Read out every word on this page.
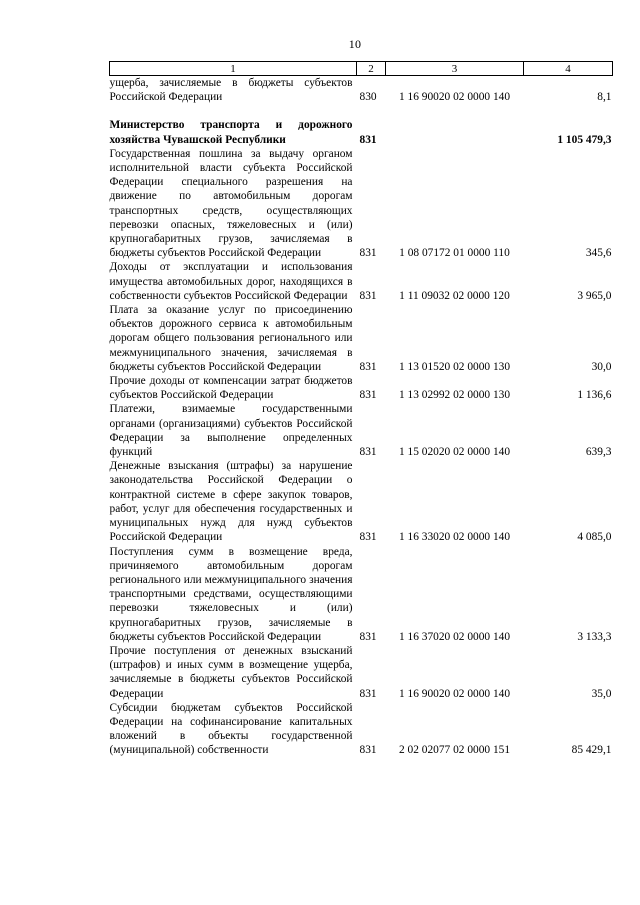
10
1	2	3	4
ущерба, зачисляемые в бюджеты субъектов Российской Федерации	830	1 16 90020 02 0000 140	8,1

Министерство транспорта и дорожного хозяйства Чувашской Республики	831		1 105 479,3
Государственная пошлина за выдачу органом исполнительной власти субъекта Российской Федерации специального разрешения на движение по автомобильным дорогам транспортных средств, осуществляющих перевозки опасных, тяжеловесных и (или) крупногабаритных грузов, зачисляемая в бюджеты субъектов Российской Федерации	831	1 08 07172 01 0000 110	345,6
Доходы от эксплуатации и использования имущества автомобильных дорог, находящихся в собственности субъектов Российской Федерации	831	1 11 09032 02 0000 120	3 965,0
Плата за оказание услуг по присоединению объектов дорожного сервиса к автомобильным дорогам общего пользования регионального или межмуниципального значения, зачисляемая в бюджеты субъектов Российской Федерации	831	1 13 01520 02 0000 130	30,0
Прочие доходы от компенсации затрат бюджетов субъектов Российской Федерации	831	1 13 02992 02 0000 130	1 136,6
Платежи, взимаемые государственными органами (организациями) субъектов Российской Федерации за выполнение определенных функций	831	1 15 02020 02 0000 140	639,3
Денежные взыскания (штрафы) за нарушение законодательства Российской Федерации о контрактной системе в сфере закупок товаров, работ, услуг для обеспечения государственных и муниципальных нужд для нужд субъектов Российской Федерации	831	1 16 33020 02 0000 140	4 085,0
Поступления сумм в возмещение вреда, причиняемого автомобильным дорогам регионального или межмуниципального значения транспортными средствами, осуществляющими перевозки тяжеловесных и (или) крупногабаритных грузов, зачисляемые в бюджеты субъектов Российской Федерации	831	1 16 37020 02 0000 140	3 133,3
Прочие поступления от денежных взысканий (штрафов) и иных сумм в возмещение ущерба, зачисляемые в бюджеты субъектов Российской Федерации	831	1 16 90020 02 0000 140	35,0
Субсидии бюджетам субъектов Российской Федерации на софинансирование капитальных вложений в объекты государственной (муниципальной) собственности	831	2 02 02077 02 0000 151	85 429,1
